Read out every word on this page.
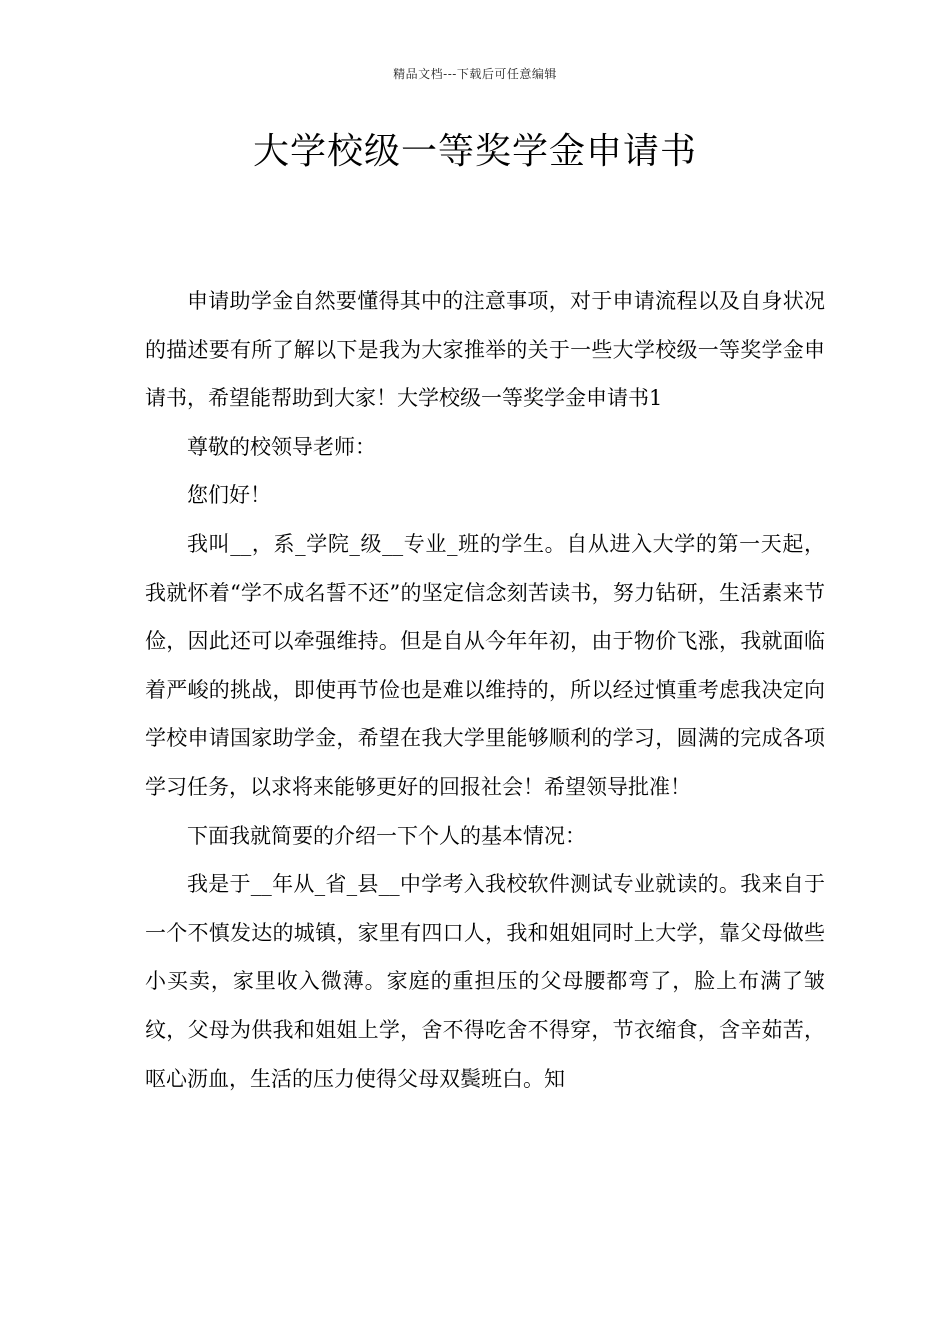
精品文档---下载后可任意编辑
大学校级一等奖学金申请书

申请助学金自然要懂得其中的注意事项，对于申请流程以及自身状况的描述要有所了解以下是我为大家推举的关于一些大学校级一等奖学金申请书，希望能帮助到大家！大学校级一等奖学金申请书1

尊敬的校领导老师：

您们好！

我叫__，系_学院_级__专业_班的学生。自从进入大学的第一天起，我就怀着“学不成名誓不还”的坚定信念刻苦读书，努力钻研，生活素来节俭，因此还可以牵强维持。但是自从今年年初，由于物价飞涨，我就面临着严峻的挑战，即使再节俭也是难以维持的，所以经过慎重考虑我决定向学校申请国家助学金，希望在我大学里能够顺利的学习，圆满的完成各项学习任务，以求将来能够更好的回报社会！希望领导批准！

下面我就简要的介绍一下个人的基本情况：

我是于__年从_省_县__中学考入我校软件测试专业就读的。我来自于一个不慎发达的城镇，家里有四口人，我和姐姐同时上大学，靠父母做些小买卖，家里收入微薄。家庭的重担压的父母腰都弯了，脸上布满了皱纹，父母为供我和姐姐上学，舍不得吃舍不得穿，节衣缩食，含辛茹苦，呕心沥血，生活的压力使得父母双鬓班白。知
